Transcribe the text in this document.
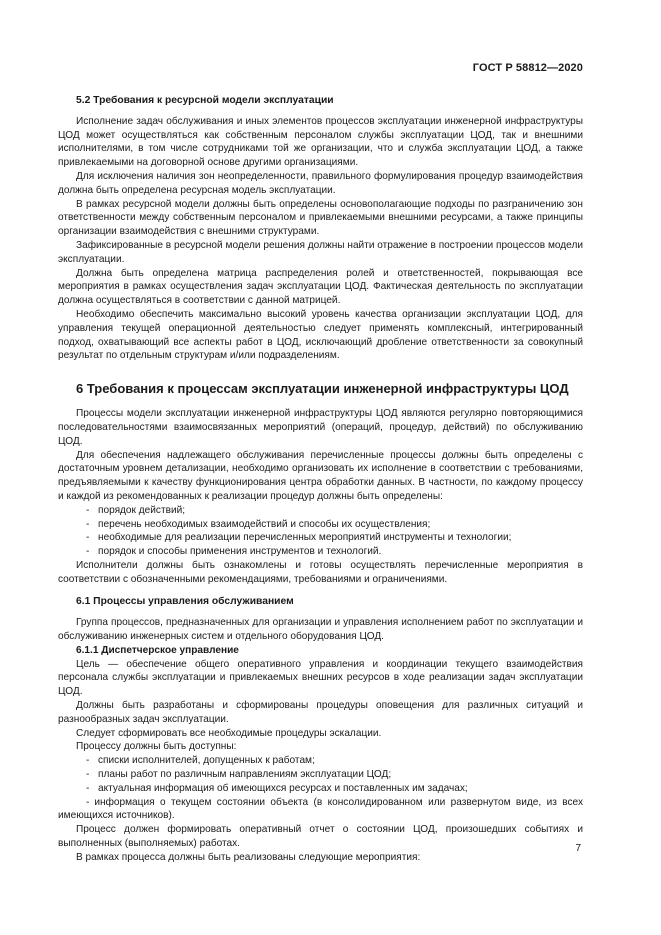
ГОСТ Р 58812—2020
5.2 Требования к ресурсной модели эксплуатации

Исполнение задач обслуживания и иных элементов процессов эксплуатации инженерной инфраструктуры ЦОД может осуществляться как собственным персоналом службы эксплуатации ЦОД, так и внешними исполнителями, в том числе сотрудниками той же организации, что и служба эксплуатации ЦОД, а также привлекаемыми на договорной основе другими организациями.

Для исключения наличия зон неопределенности, правильного формулирования процедур взаимодействия должна быть определена ресурсная модель эксплуатации.

В рамках ресурсной модели должны быть определены основополагающие подходы по разграничению зон ответственности между собственным персоналом и привлекаемыми внешними ресурсами, а также принципы организации взаимодействия с внешними структурами.

Зафиксированные в ресурсной модели решения должны найти отражение в построении процессов модели эксплуатации.

Должна быть определена матрица распределения ролей и ответственностей, покрывающая все мероприятия в рамках осуществления задач эксплуатации ЦОД. Фактическая деятельность по эксплуатации должна осуществляться в соответствии с данной матрицей.

Необходимо обеспечить максимально высокий уровень качества организации эксплуатации ЦОД, для управления текущей операционной деятельностью следует применять комплексный, интегрированный подход, охватывающий все аспекты работ в ЦОД, исключающий дробление ответственности за совокупный результат по отдельным структурам и/или подразделениям.

6 Требования к процессам эксплуатации инженерной инфраструктуры ЦОД

Процессы модели эксплуатации инженерной инфраструктуры ЦОД являются регулярно повторяющимися последовательностями взаимосвязанных мероприятий (операций, процедур, действий) по обслуживанию ЦОД.

Для обеспечения надлежащего обслуживания перечисленные процессы должны быть определены с достаточным уровнем детализации, необходимо организовать их исполнение в соответствии с требованиями, предъявляемыми к качеству функционирования центра обработки данных. В частности, по каждому процессу и каждой из рекомендованных к реализации процедур должны быть определены:

- порядок действий;
- перечень необходимых взаимодействий и способы их осуществления;
- необходимые для реализации перечисленных мероприятий инструменты и технологии;
- порядок и способы применения инструментов и технологий.

Исполнители должны быть ознакомлены и готовы осуществлять перечисленные мероприятия в соответствии с обозначенными рекомендациями, требованиями и ограничениями.

6.1 Процессы управления обслуживанием

Группа процессов, предназначенных для организации и управления исполнением работ по эксплуатации и обслуживанию инженерных систем и отдельного оборудования ЦОД.

6.1.1 Диспетчерское управление

Цель — обеспечение общего оперативного управления и координации текущего взаимодействия персонала службы эксплуатации и привлекаемых внешних ресурсов в ходе реализации задач эксплуатации ЦОД.

Должны быть разработаны и сформированы процедуры оповещения для различных ситуаций и разнообразных задач эксплуатации.

Следует сформировать все необходимые процедуры эскалации.

Процессу должны быть доступны:

- списки исполнителей, допущенных к работам;
- планы работ по различным направлениям эксплуатации ЦОД;
- актуальная информация об имеющихся ресурсах и поставленных им задачах;

- информация о текущем состоянии объекта (в консолидированном или развернутом виде, из всех имеющихся источников).

Процесс должен формировать оперативный отчет о состоянии ЦОД, произошедших событиях и выполненных (выполняемых) работах.

В рамках процесса должны быть реализованы следующие мероприятия:

7
